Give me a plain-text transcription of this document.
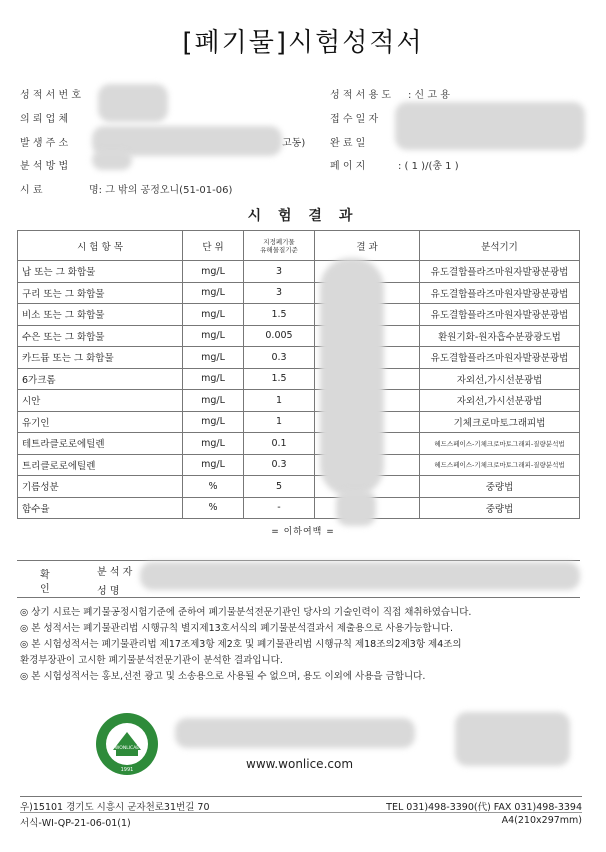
[폐기물]시험성적서
성 적 서 번 호
의 뢰 업 체
발 생 주 소	고동)
분 석 방 법
시 료	명: 그 밖의 공정오니(51-01-06)
성 적 서 용 도 : 신 고 용
접 수 일 자
완 료 일
페 이 지	: ( 1 )/(총 1 )
시 험 결 과
시 험 항 목	단 위	지정폐기물
유해물질기준	결 과	분석기기
납 또는 그 화합물	mg/L	3		유도결합플라즈마원자발광분광법
구리 또는 그 화합물	mg/L	3		유도결합플라즈마원자발광분광법
비소 또는 그 화합물	mg/L	1.5		유도결합플라즈마원자발광분광법
수은 또는 그 화합물	mg/L	0.005		환원기화-원자흡수분광광도법
카드뮴 또는 그 화합물	mg/L	0.3		유도결합플라즈마원자발광분광법
6가크롬	mg/L	1.5		자외선,가시선분광법
시안	mg/L	1		자외선,가시선분광법
유기인	mg/L	1		기체크로마토그래피법
테트라클로로에틸렌	mg/L	0.1		헤드스페이스-기체크로마토그래피-질량분석법
트리클로로에틸렌	mg/L	0.3		헤드스페이스-기체크로마토그래피-질량분석법
기름성분	%	5		중량법
함수율	%	-		중량법
= 이하여백 =
확
인
분 석 자
성 명
◎ 상기 시료는 폐기물공정시험기준에 준하여 폐기물분석전문기관인 당사의 기술인력이 직접 채취하였습니다.
◎ 본 성적서는 폐기물관리법 시행규칙 별지제13호서식의 폐기물분석결과서 제출용으로 사용가능합니다.
◎ 본 시험성적서는 폐기물관리법 제17조제3항 제2호 및 폐기물관리법 시행규칙 제18조의2제3항 제4조의
환경부장관이 고시한 폐기물분석전문기관이 분석한 결과입니다.
◎ 본 시험성적서는 홍보,선전 광고 및 소송용으로 사용될 수 없으며, 용도 이외에 사용을 금합니다.
WONLICAE
1991	www.wonlice.com
우)15101 경기도 시흥시 군자천로31번길 70	TEL 031)498-3390(代) FAX 031)498-3394
서식-WI-QP-21-06-01(1)	A4(210x297mm)
